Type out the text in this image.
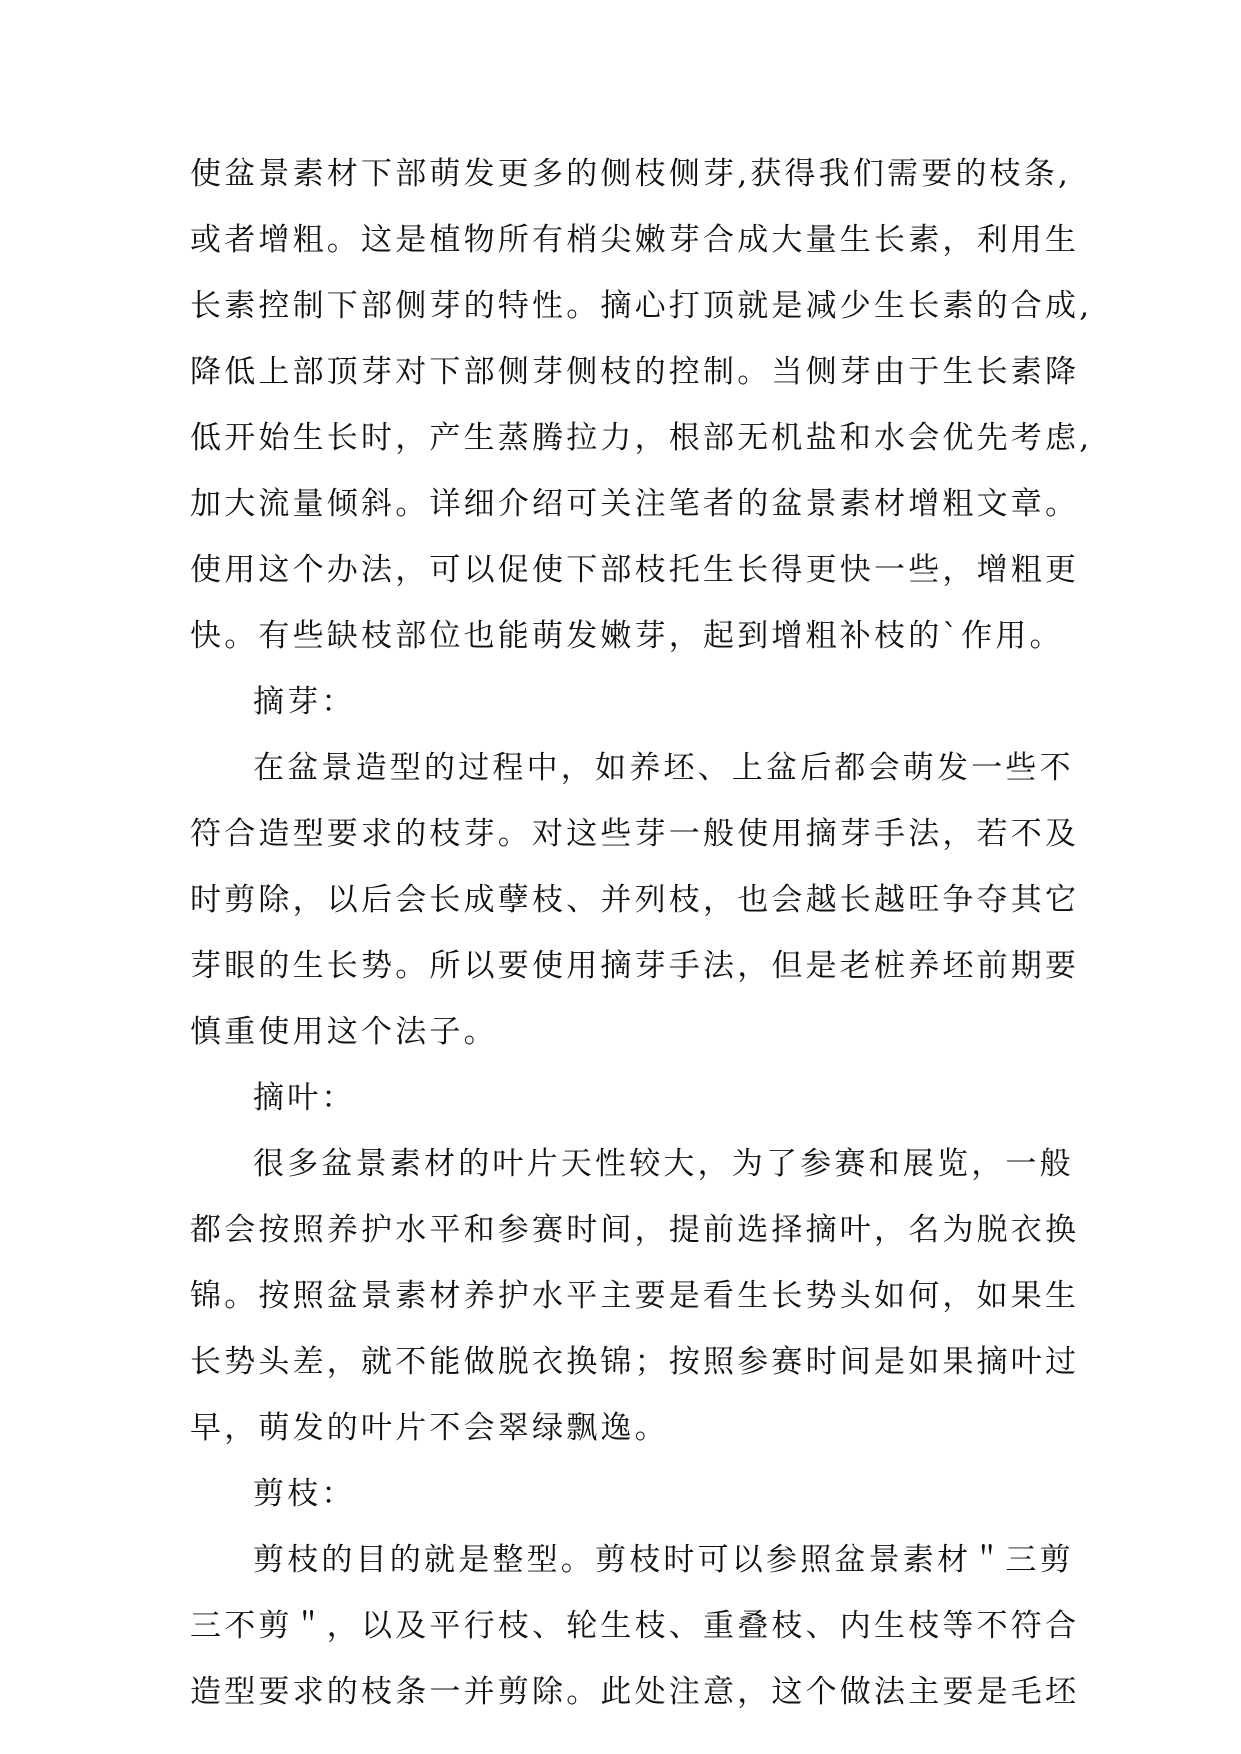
使盆景素材下部萌发更多的侧枝侧芽,获得我们需要的枝条,

或者增粗。这是植物所有梢尖嫩芽合成大量生长素，利用生

长素控制下部侧芽的特性。摘心打顶就是减少生长素的合成,

降低上部顶芽对下部侧芽侧枝的控制。当侧芽由于生长素降

低开始生长时，产生蒸腾拉力，根部无机盐和水会优先考虑,

加大流量倾斜。详细介绍可关注笔者的盆景素材增粗文章。

使用这个办法，可以促使下部枝托生长得更快一些，增粗更

快。有些缺枝部位也能萌发嫩芽，起到增粗补枝的`作用。

摘芽：

在盆景造型的过程中，如养坯、上盆后都会萌发一些不

符合造型要求的枝芽。对这些芽一般使用摘芽手法，若不及

时剪除，以后会长成孽枝、并列枝，也会越长越旺争夺其它

芽眼的生长势。所以要使用摘芽手法，但是老桩养坯前期要

慎重使用这个法子。

摘叶：

很多盆景素材的叶片天性较大，为了参赛和展览，一般

都会按照养护水平和参赛时间，提前选择摘叶，名为脱衣换

锦。按照盆景素材养护水平主要是看生长势头如何，如果生

长势头差，就不能做脱衣换锦；按照参赛时间是如果摘叶过

早，萌发的叶片不会翠绿飘逸。

剪枝：

剪枝的目的就是整型。剪枝时可以参照盆景素材＂三剪

三不剪＂，以及平行枝、轮生枝、重叠枝、内生枝等不符合

造型要求的枝条一并剪除。此处注意，这个做法主要是毛坯
